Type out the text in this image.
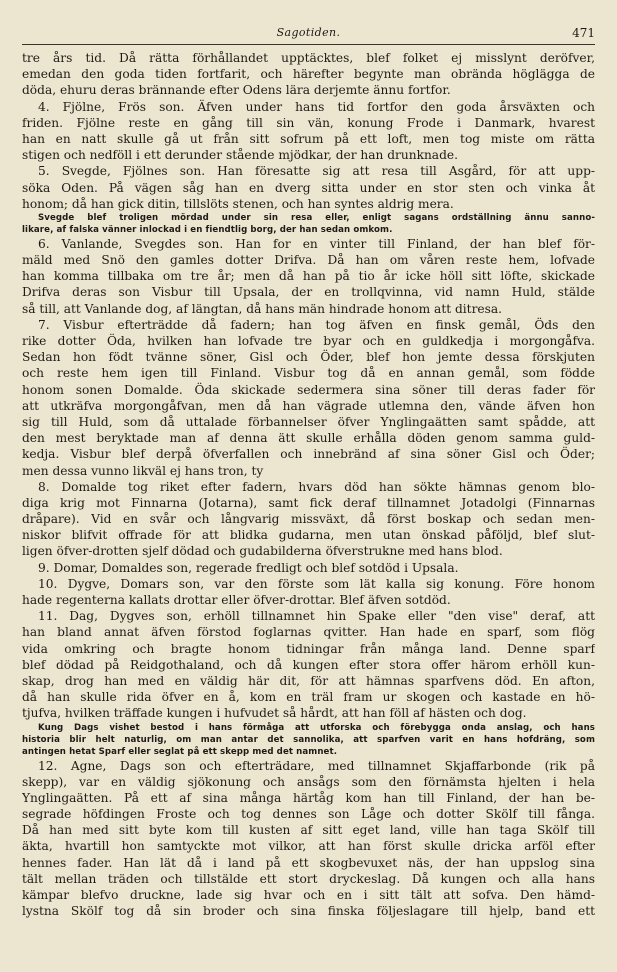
Sagotiden.	471
tre års tid. Då rätta förhållandet upptäcktes, blef folket ej misslynt deröfver,
emedan den goda tiden fortfarit, och härefter begynte man obrända höglägga de
döda, ehuru deras brännande efter Odens lära derjemte ännu fortfor.
4. Fjölne, Frös son. Äfven under hans tid fortfor den goda årsväxten och
friden. Fjölne reste en gång till sin vän, konung Frode i Danmark, hvarest
han en natt skulle gå ut från sitt sofrum på ett loft, men tog miste om rätta
stigen och nedföll i ett derunder stående mjödkar, der han drunknade.
5. Svegde, Fjölnes son. Han föresatte sig att resa till Asgård, för att upp-
söka Oden. På vägen såg han en dverg sitta under en stor sten och vinka åt
honom; då han gick ditin, tillslöts stenen, och han syntes aldrig mera.
Svegde blef troligen mördad under sin resa eller, enligt sagans ordställning ännu sanno-
likare, af falska vänner inlockad i en fiendtlig borg, der han sedan omkom.
6. Vanlande, Svegdes son. Han for en vinter till Finland, der han blef för-
mäld med Snö den gamles dotter Drifva. Då han om våren reste hem, lofvade
han komma tillbaka om tre år; men då han på tio år icke höll sitt löfte, skickade
Drifva deras son Visbur till Upsala, der en trollqvinna, vid namn Huld, stälde
så till, att Vanlande dog, af längtan, då hans män hindrade honom att ditresa.
7. Visbur efterträdde då fadern; han tog äfven en finsk gemål, Öds den
rike dotter Öda, hvilken han lofvade tre byar och en guldkedja i morgongåfva.
Sedan hon födt tvänne söner, Gisl och Öder, blef hon jemte dessa förskjuten
och reste hem igen till Finland. Visbur tog då en annan gemål, som födde
honom sonen Domalde. Öda skickade sedermera sina söner till deras fader för
att utkräfva morgongåfvan, men då han vägrade utlemna den, vände äfven hon
sig till Huld, som då uttalade förbannelser öfver Ynglingaätten samt spådde, att
den mest beryktade man af denna ätt skulle erhålla döden genom samma guld-
kedja. Visbur blef derpå öfverfallen och innebränd af sina söner Gisl och Öder;
men dessa vunno likväl ej hans tron, ty
8. Domalde tog riket efter fadern, hvars död han sökte hämnas genom blo-
diga krig mot Finnarna (Jotarna), samt fick deraf tillnamnet Jotadolgi (Finnarnas
dråpare). Vid en svår och långvarig missväxt, då först boskap och sedan men-
niskor blifvit offrade för att blidka gudarna, men utan önskad påföljd, blef slut-
ligen öfver-drotten sjelf dödad och gudabilderna öfverstrukne med hans blod.
9. Domar, Domaldes son, regerade fredligt och blef sotdöd i Upsala.
10. Dygve, Domars son, var den förste som lät kalla sig konung. Före honom
hade regenterna kallats drottar eller öfver-drottar. Blef äfven sotdöd.
11. Dag, Dygves son, erhöll tillnamnet hin Spake eller "den vise" deraf, att
han bland annat äfven förstod foglarnas qvitter. Han hade en sparf, som flög
vida omkring och bragte honom tidningar från många land. Denne sparf
blef dödad på Reidgothaland, och då kungen efter stora offer härom erhöll kun-
skap, drog han med en väldig här dit, för att hämnas sparfvens död. En afton,
då han skulle rida öfver en å, kom en träl fram ur skogen och kastade en hö-
tjufva, hvilken träffade kungen i hufvudet så hårdt, att han föll af hästen och dog.
Kung Dags vishet bestod i hans förmåga att utforska och förebygga onda anslag, och hans
historia blir helt naturlig, om man antar det sannolika, att sparfven varit en hans hofdräng, som
antingen hetat Sparf eller seglat på ett skepp med det namnet.
12. Agne, Dags son och efterträdare, med tillnamnet Skjaffarbonde (rik på
skepp), var en väldig sjökonung och ansågs som den förnämsta hjelten i hela
Ynglingaätten. På ett af sina många härtåg kom han till Finland, der han be-
segrade höfdingen Froste och tog dennes son Låge och dotter Skölf till fånga.
Då han med sitt byte kom till kusten af sitt eget land, ville han taga Skölf till
äkta, hvartill hon samtyckte mot vilkor, att han först skulle dricka arföl efter
hennes fader. Han lät då i land på ett skogbevuxet näs, der han uppslog sina
tält mellan träden och tillstälde ett stort dryckeslag. Då kungen och alla hans
kämpar blefvo druckne, lade sig hvar och en i sitt tält att sofva. Den hämd-
lystna Skölf tog då sin broder och sina finska följeslagare till hjelp, band ett
